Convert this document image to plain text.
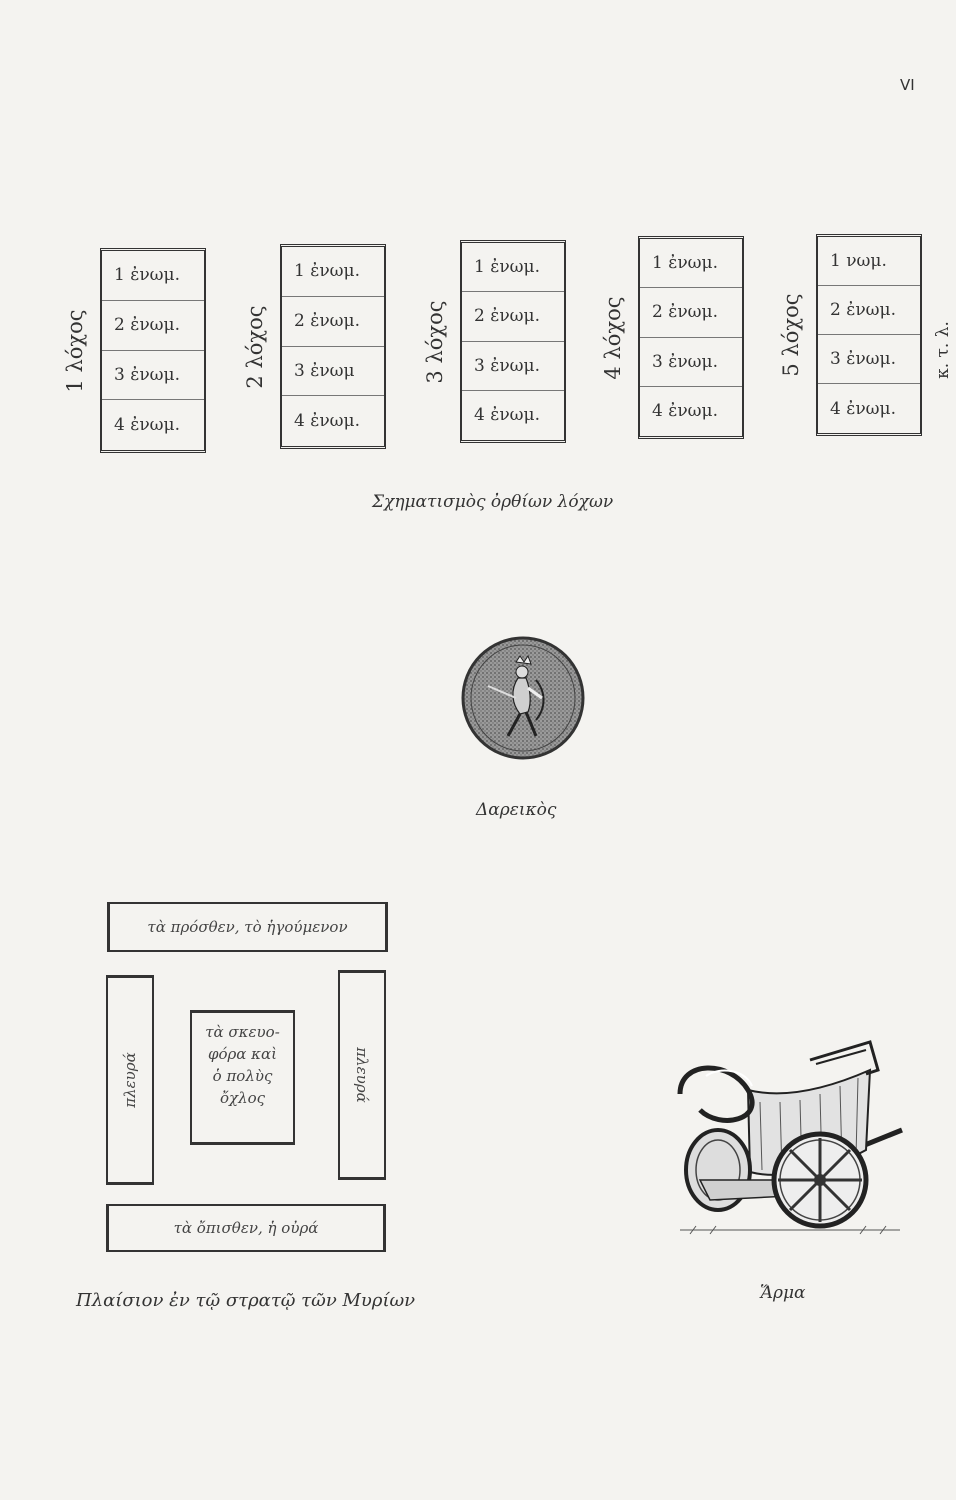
VI
1 λόχος
1 ἐνωμ.
2 ἐνωμ.
3 ἐνωμ.
4 ἐνωμ.
2 λόχος
1 ἐνωμ.
2 ἐνωμ.
3 ἐνωμ
4 ἐνωμ.
3 λόχος
1 ἐνωμ.
2 ἐνωμ.
3 ἐνωμ.
4 ἐνωμ.
4 λόχος
1 ἐνωμ.
2 ἐνωμ.
3 ἐνωμ.
4 ἐνωμ.
5 λόχος
1 νωμ.
2 ἐνωμ.
3 ἐνωμ.
4 ἐνωμ.
κ. τ. λ.
Σχηματισμὸς ὀρθίων λόχων
Δαρεικὸς
τὰ πρόσθεν, τὸ ἡγούμενον
πλευρά	πλευρά
τὰ σκευο-
φόρα καὶ
ὁ πολὺς
ὄχλος
τὰ ὄπισθεν, ἡ οὐρά
Πλαίσιον ἐν τῷ στρατῷ τῶν Μυρίων	Ἅρμα
